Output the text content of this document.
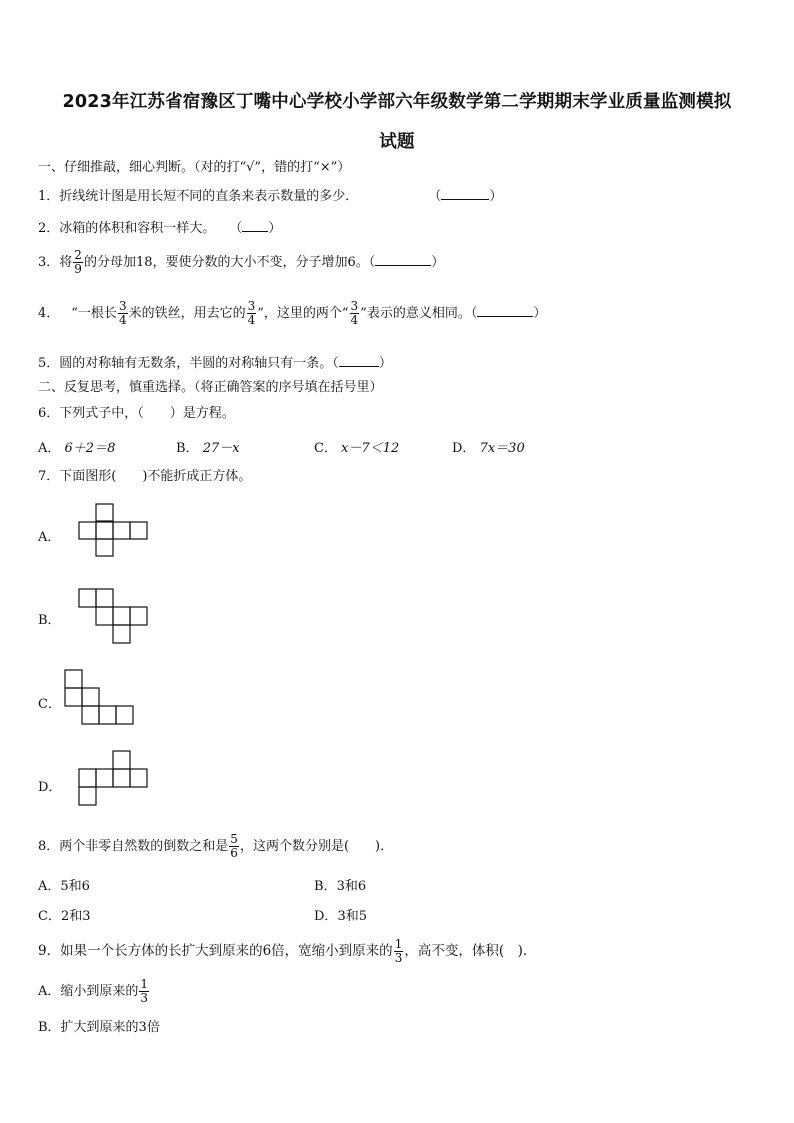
2023年江苏省宿豫区丁嘴中心学校小学部六年级数学第二学期期末学业质量监测模拟
试题
一、仔细推敲，细心判断。（对的打“√”，错的打“×”）
1．折线统计图是用长短不同的直条来表示数量的多少．	（	）
2．冰箱的体积和容积一样大。 （ ）
3．将 $\frac{2}{9}$ 的分母加18，要使分数的大小不变，分子增加6。（	）
4． “一根长 $\frac{3}{4}$ 米的铁丝，用去它的 $\frac{3}{4}$ ”，这里的两个“ $\frac{3}{4}$ ”表示的意义相同。（	）
5．圆的对称轴有无数条，半圆的对称轴只有一条。（	）
二、反复思考，慎重选择。（将正确答案的序号填在括号里）
6．下列式子中，（　　）是方程。
A． 6＋2＝8	B． 27－x	C． x－7＜12	D． 7x＝30
7．下面图形(　　)不能折成正方体。
A．
B．
C．
D．
8．两个非零自然数的倒数之和是 $\frac{5}{6}$ ，这两个数分别是(　　)．
A．5和6	B．3和6
C．2和3	D．3和5
9．如果一个长方体的长扩大到原来的6倍，宽缩小到原来的 $\frac{1}{3}$ ，高不变，体积(　)．
A．缩小到原来的 $\frac{1}{3}$
B．扩大到原来的3倍
